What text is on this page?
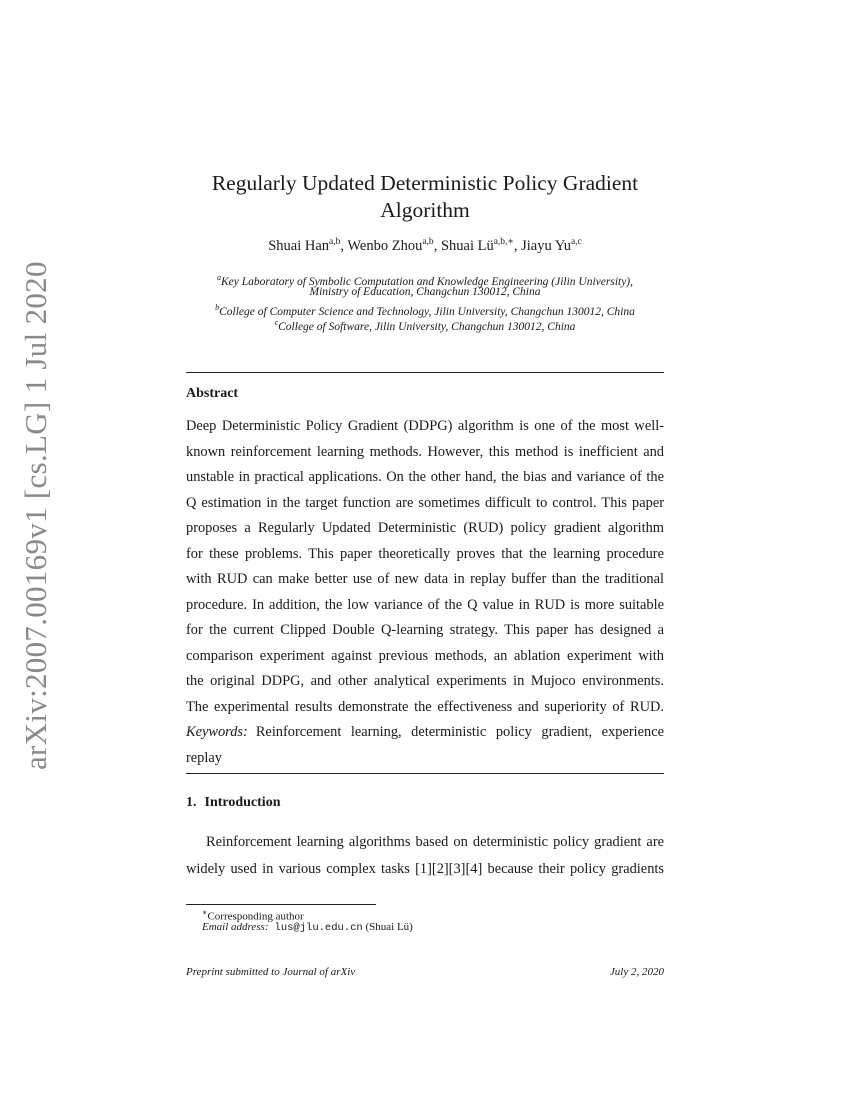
arXiv:2007.00169v1 [cs.LG] 1 Jul 2020
Regularly Updated Deterministic Policy Gradient
Algorithm
Shuai Han$^{a,b}$, Wenbo Zhou$^{a,b}$, Shuai $Lü^{a,b,∗}$, Jiayu Yu$^{a,c}$
$^a$Key Laboratory of Symbolic Computation and Knowledge Engineering (Jilin University),
Ministry of Education, Changchun 130012, China
$^b$College of Computer Science and Technology, Jilin University, Changchun 130012, China
$^c$College of Software, Jilin University, Changchun 130012, China
Abstract
Deep Deterministic Policy Gradient (DDPG) algorithm is one of the most well-
known reinforcement learning methods. However, this method is inefficient and
unstable in practical applications. On the other hand, the bias and variance of the
Q estimation in the target function are sometimes difficult to control. This paper
proposes a Regularly Updated Deterministic (RUD) policy gradient algorithm
for these problems. This paper theoretically proves that the learning procedure
with RUD can make better use of new data in replay buffer than the traditional
procedure. In addition, the low variance of the Q value in RUD is more suitable
for the current Clipped Double Q-learning strategy. This paper has designed a
comparison experiment against previous methods, an ablation experiment with
the original DDPG, and other analytical experiments in Mujoco environments.
The experimental results demonstrate the effectiveness and superiority of RUD.
Keywords: Reinforcement learning, deterministic policy gradient, experience
replay
1. Introduction
Reinforcement learning algorithms based on deterministic policy gradient are
widely used in various complex tasks [1][2][3][4] because their policy gradients
∗Corresponding author
Email address: lus@jlu.edu.cn (Shuai Lü)
Preprint submitted to Journal of arXiv	July 2, 2020
